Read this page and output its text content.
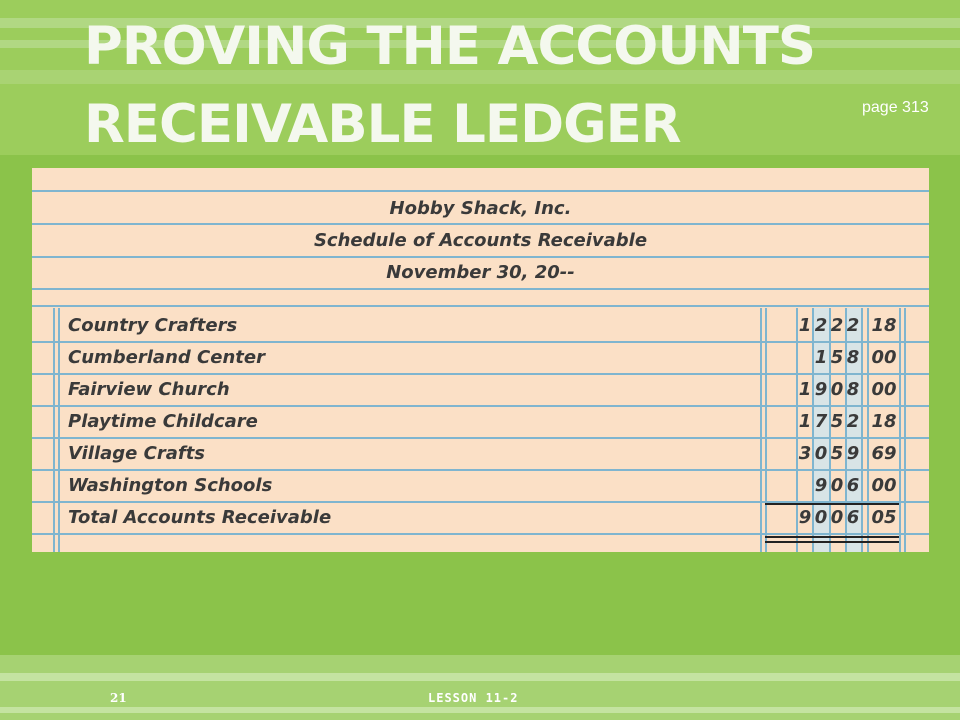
PROVING THE ACCOUNTS RECEIVABLE LEDGER	page 313
Hobby Shack, Inc.
Schedule of Accounts Receivable
November 30, 20--
Country Crafters	1 2 2 2 18
Cumberland Center	1 5 8 00
Fairview Church	1 9 0 8 00
Playtime Childcare	1 7 5 2 18
Village Crafts	3 0 5 9 69
Washington Schools	9 0 6 00
Total Accounts Receivable	9 0 0 6 05
21	LESSON 11-2
